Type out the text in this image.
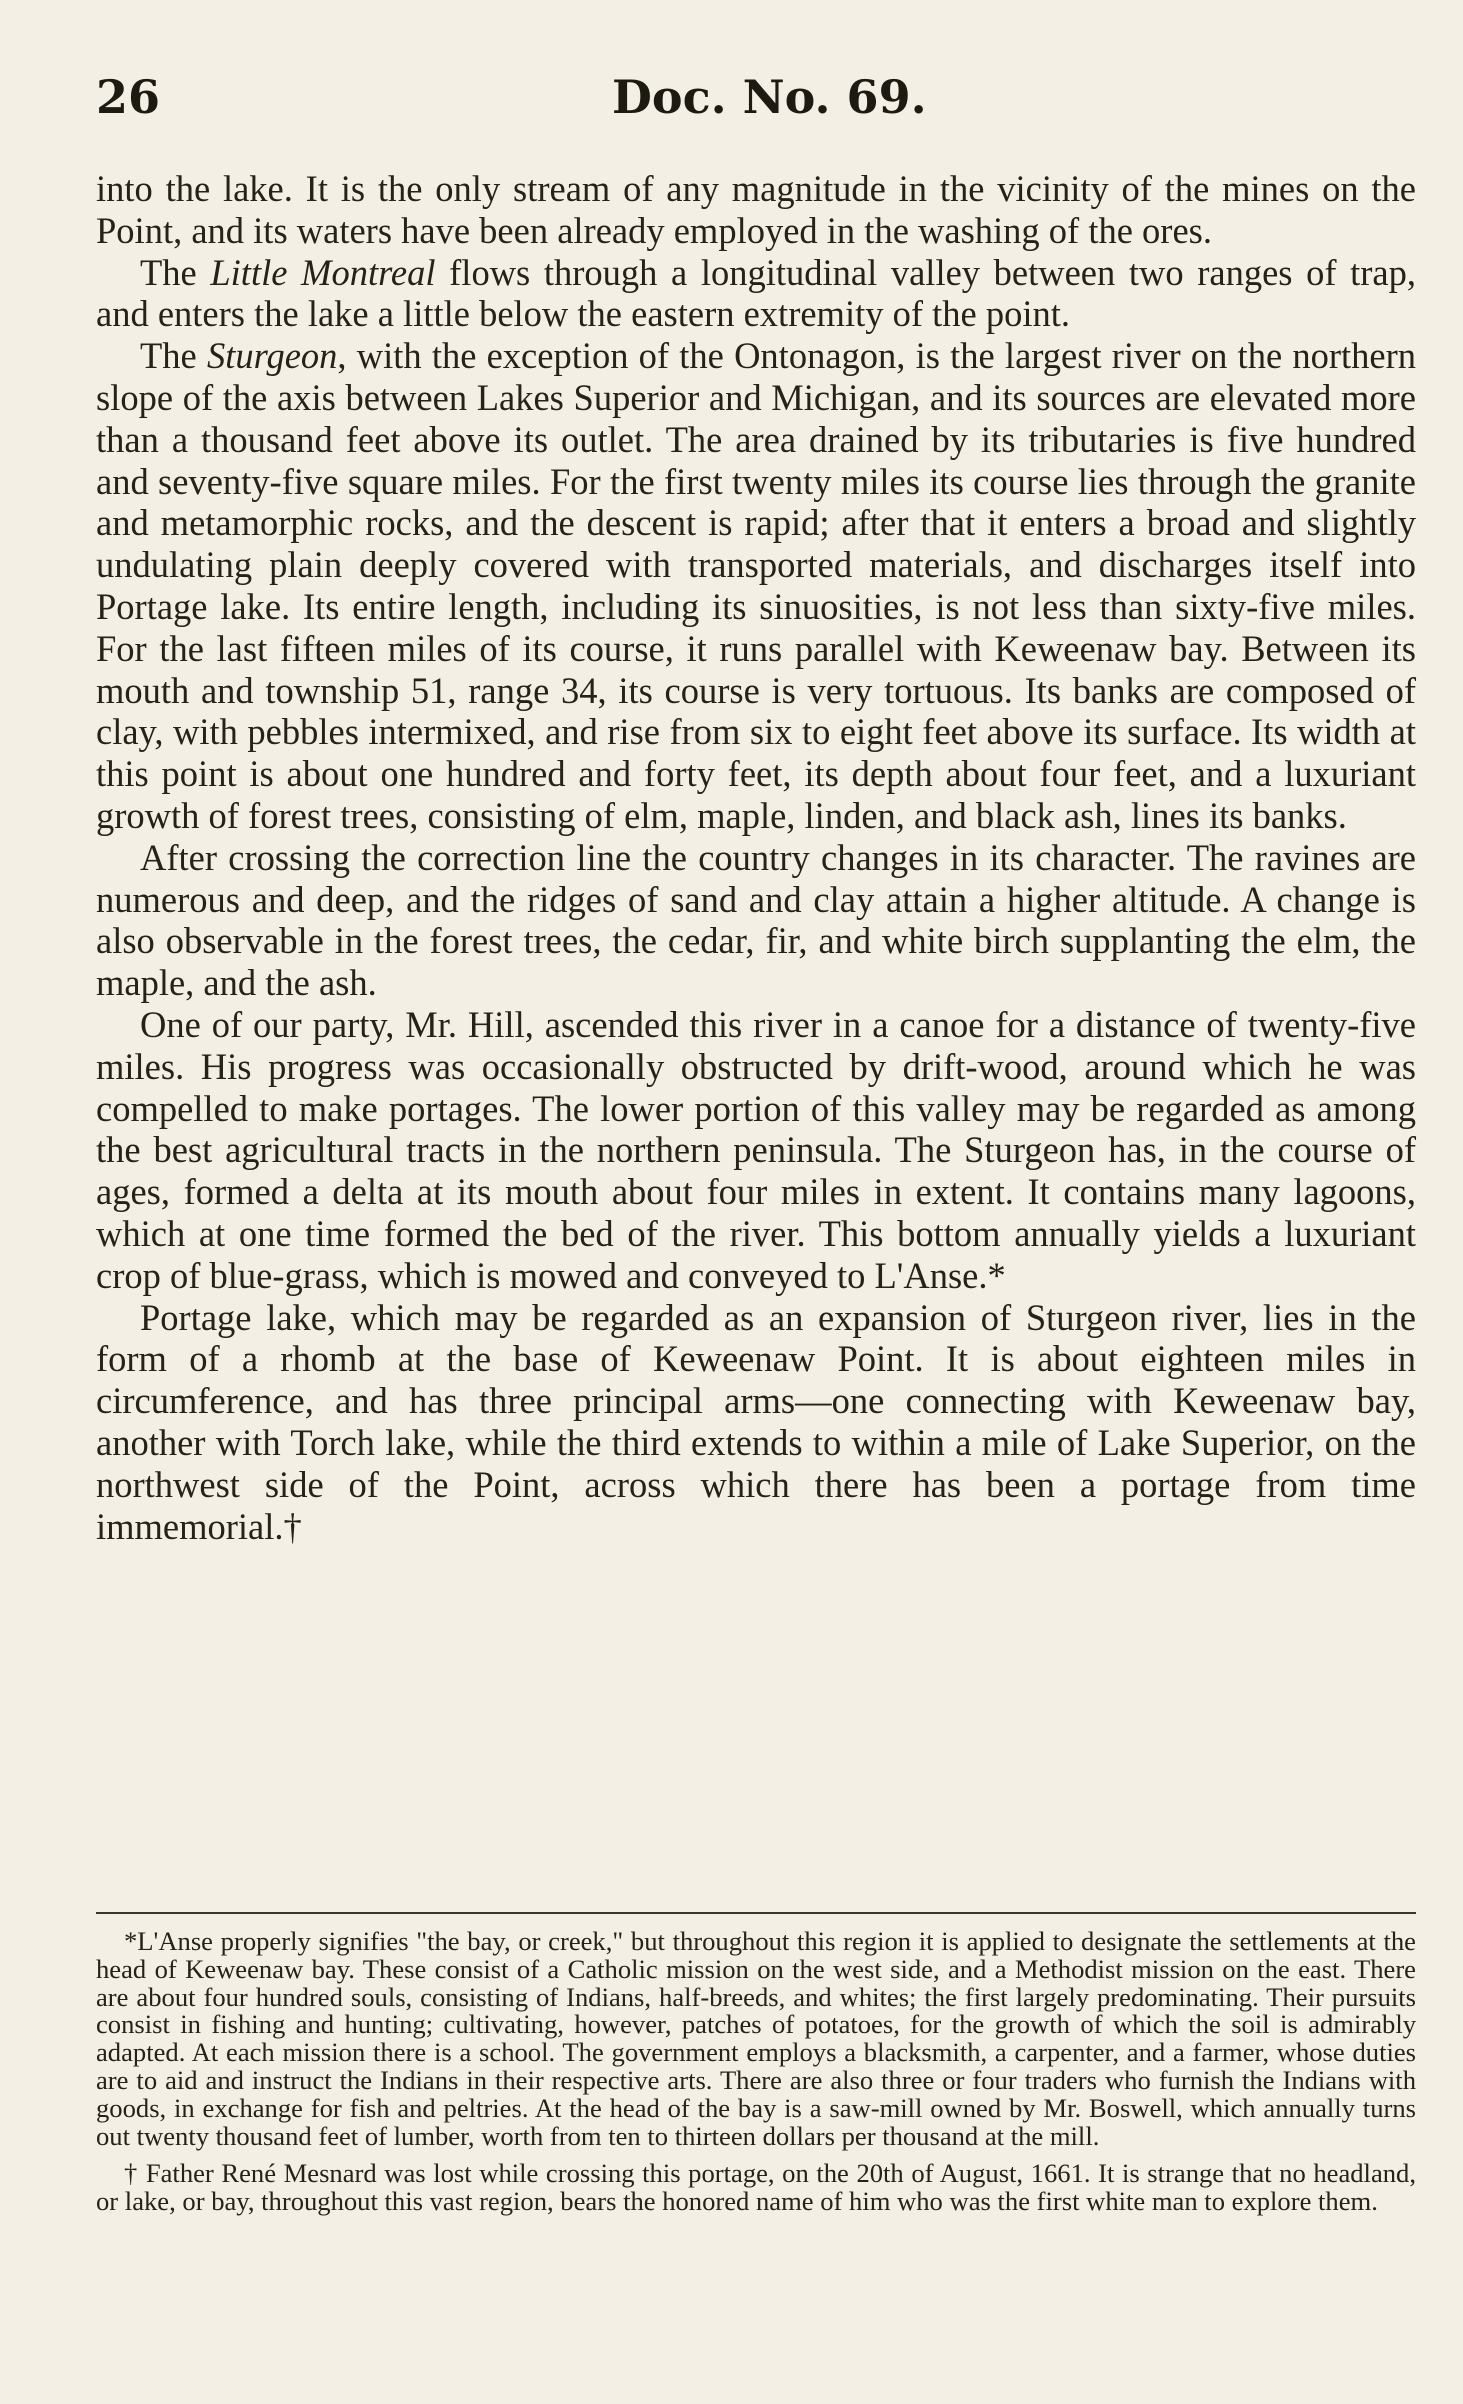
26	Doc. No. 69.

into the lake. It is the only stream of any magnitude in the vicinity of the mines on the Point, and its waters have been already employed in the washing of the ores.

The Little Montreal flows through a longitudinal valley between two ranges of trap, and enters the lake a little below the eastern extremity of the point.

The Sturgeon, with the exception of the Ontonagon, is the largest river on the northern slope of the axis between Lakes Superior and Michigan, and its sources are elevated more than a thousand feet above its outlet. The area drained by its tributaries is five hundred and seventy-five square miles. For the first twenty miles its course lies through the granite and metamorphic rocks, and the descent is rapid; after that it enters a broad and slightly undulating plain deeply covered with transported materials, and discharges itself into Portage lake. Its entire length, including its sinuosities, is not less than sixty-five miles. For the last fifteen miles of its course, it runs parallel with Keweenaw bay. Between its mouth and township 51, range 34, its course is very tortuous. Its banks are composed of clay, with pebbles intermixed, and rise from six to eight feet above its surface. Its width at this point is about one hundred and forty feet, its depth about four feet, and a luxuriant growth of forest trees, consisting of elm, maple, linden, and black ash, lines its banks.

After crossing the correction line the country changes in its character. The ravines are numerous and deep, and the ridges of sand and clay attain a higher altitude. A change is also observable in the forest trees, the cedar, fir, and white birch supplanting the elm, the maple, and the ash.

One of our party, Mr. Hill, ascended this river in a canoe for a distance of twenty-five miles. His progress was occasionally obstructed by drift-wood, around which he was compelled to make portages. The lower portion of this valley may be regarded as among the best agricultural tracts in the northern peninsula. The Sturgeon has, in the course of ages, formed a delta at its mouth about four miles in extent. It contains many lagoons, which at one time formed the bed of the river. This bottom annually yields a luxuriant crop of blue-grass, which is mowed and conveyed to L'Anse.*

Portage lake, which may be regarded as an expansion of Sturgeon river, lies in the form of a rhomb at the base of Keweenaw Point. It is about eighteen miles in circumference, and has three principal arms—one connecting with Keweenaw bay, another with Torch lake, while the third extends to within a mile of Lake Superior, on the northwest side of the Point, across which there has been a portage from time immemorial.†

*L'Anse properly signifies "the bay, or creek," but throughout this region it is applied to designate the settlements at the head of Keweenaw bay. These consist of a Catholic mission on the west side, and a Methodist mission on the east. There are about four hundred souls, consisting of Indians, half-breeds, and whites; the first largely predominating. Their pursuits consist in fishing and hunting; cultivating, however, patches of potatoes, for the growth of which the soil is admirably adapted. At each mission there is a school. The government employs a blacksmith, a carpenter, and a farmer, whose duties are to aid and instruct the Indians in their respective arts. There are also three or four traders who furnish the Indians with goods, in exchange for fish and peltries. At the head of the bay is a saw-mill owned by Mr. Boswell, which annually turns out twenty thousand feet of lumber, worth from ten to thirteen dollars per thousand at the mill.

† Father René Mesnard was lost while crossing this portage, on the 20th of August, 1661. It is strange that no headland, or lake, or bay, throughout this vast region, bears the honored name of him who was the first white man to explore them.
